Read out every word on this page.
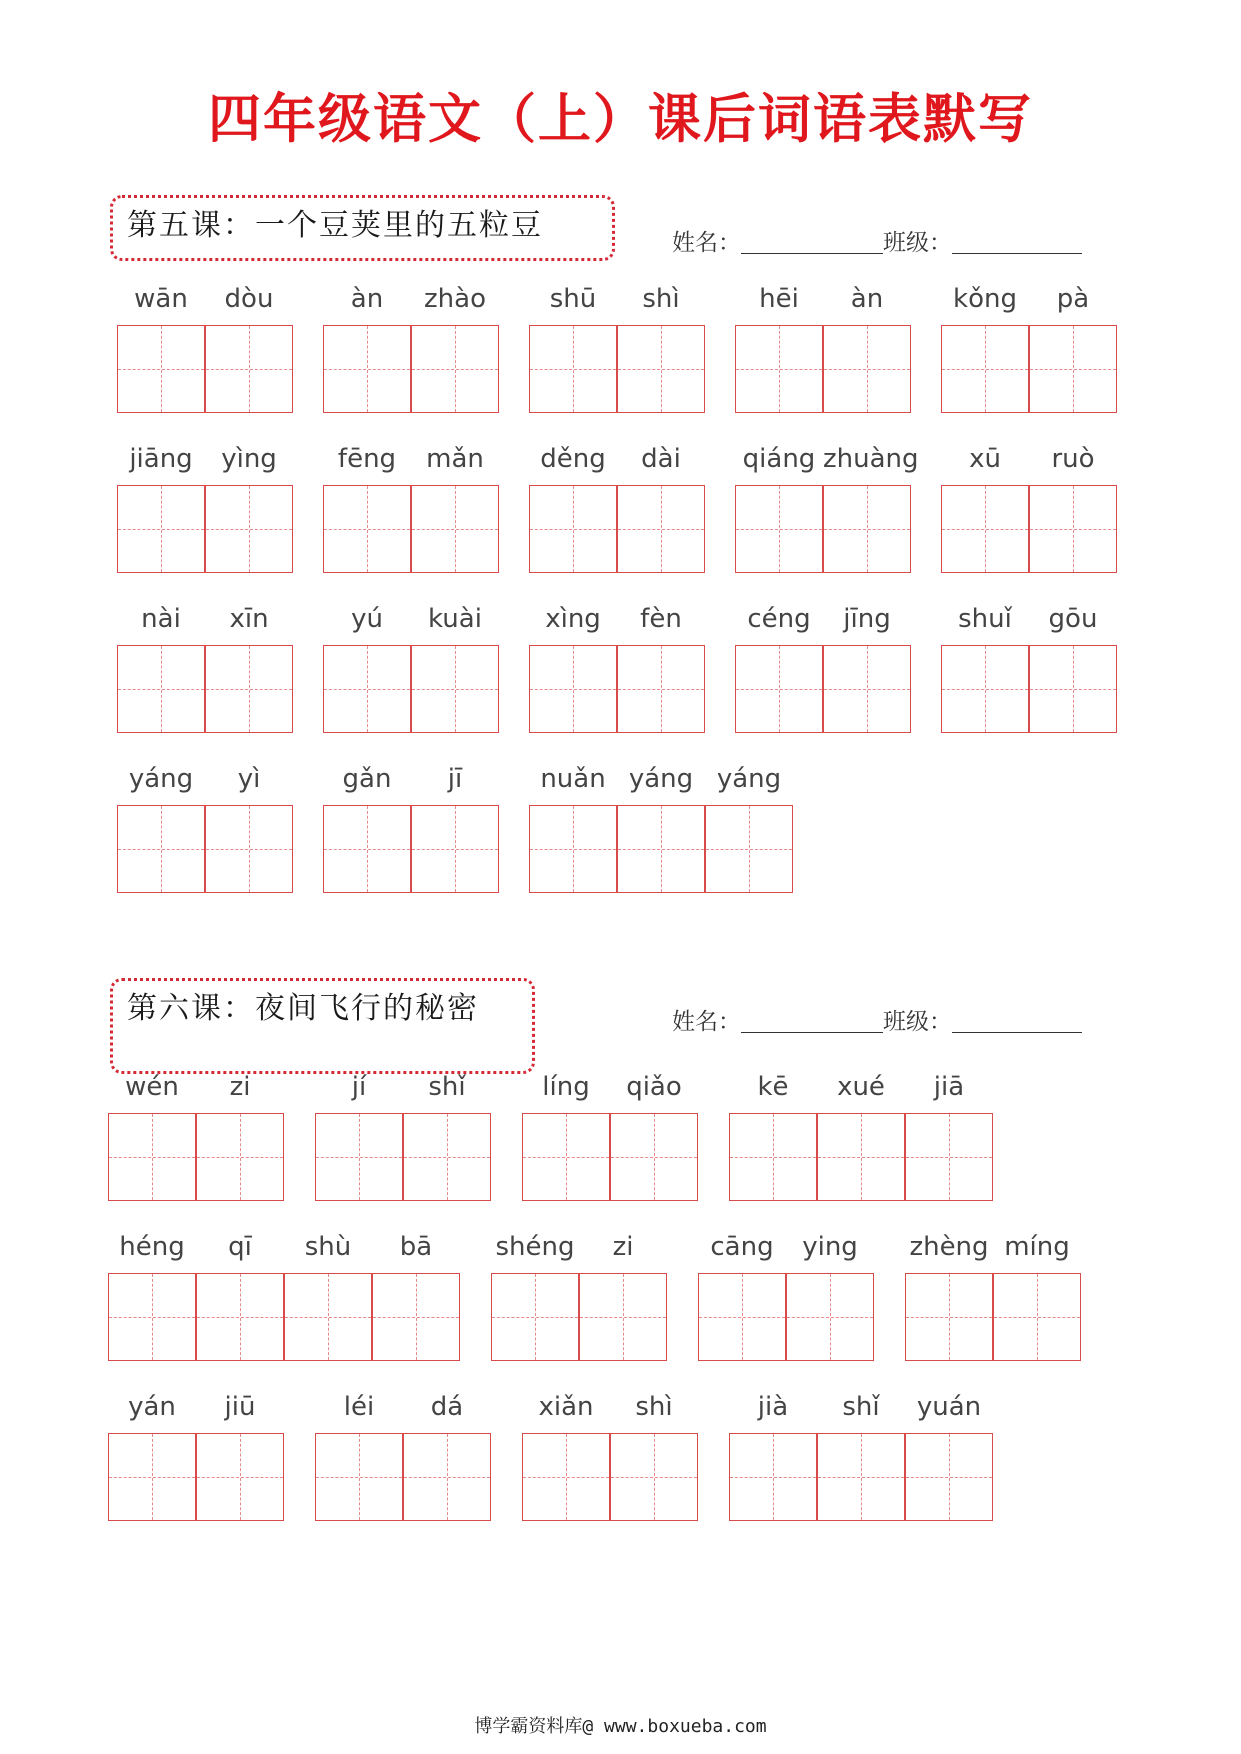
四年级语文（上）课后词语表默写
第五课：一个豆荚里的五粒豆	姓名：	班级：
第六课：夜间飞行的秘密	姓名：	班级：
wān	dòu	àn	zhào	shū	shì	hēi	àn	kǒng	pà
jiāng	yìng	fēng	mǎn	děng	dài	qiáng zhuàng	xū	ruò
nài	xīn	yú	kuài	xìng	fèn	céng	jīng	shuǐ	gōu
yáng	yì	gǎn	jī	nuǎn yáng yáng
wén	zi	jí	shǐ	líng	qiǎo	kē	xué	jiā
héng	qī	shù	bā	shéng	zi	cāng	ying	zhèng míng
yán	jiū	léi	dá	xiǎn	shì	jià	shǐ	yuán
博学霸资料库@ www.boxueba.com
